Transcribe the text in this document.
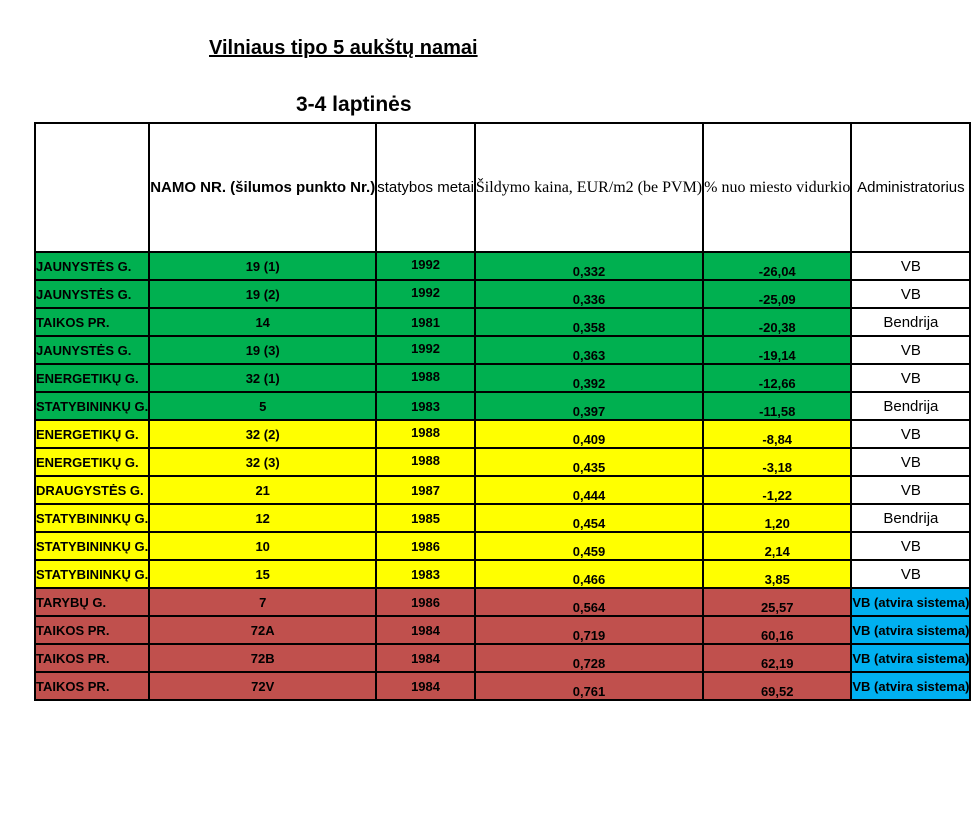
Vilniaus tipo 5 aukštų namai
3-4 laptinės
	NAMO NR. (šilumos punkto Nr.)	statybos metai	Šildymo kaina, EUR/m2 (be PVM)	% nuo miesto vidurkio	Administratorius
JAUNYSTĖS G.	19 (1)	1992	0,332	-26,04	VB
JAUNYSTĖS G.	19 (2)	1992	0,336	-25,09	VB
TAIKOS PR.	14	1981	0,358	-20,38	Bendrija
JAUNYSTĖS G.	19 (3)	1992	0,363	-19,14	VB
ENERGETIKŲ G.	32 (1)	1988	0,392	-12,66	VB
STATYBININKŲ G.	5	1983	0,397	-11,58	Bendrija
ENERGETIKŲ G.	32 (2)	1988	0,409	-8,84	VB
ENERGETIKŲ G.	32 (3)	1988	0,435	-3,18	VB
DRAUGYSTĖS G.	21	1987	0,444	-1,22	VB
STATYBININKŲ G.	12	1985	0,454	1,20	Bendrija
STATYBININKŲ G.	10	1986	0,459	2,14	VB
STATYBININKŲ G.	15	1983	0,466	3,85	VB
TARYBŲ G.	7	1986	0,564	25,57	VB (atvira sistema)
TAIKOS PR.	72A	1984	0,719	60,16	VB (atvira sistema)
TAIKOS PR.	72B	1984	0,728	62,19	VB (atvira sistema)
TAIKOS PR.	72V	1984	0,761	69,52	VB (atvira sistema)
